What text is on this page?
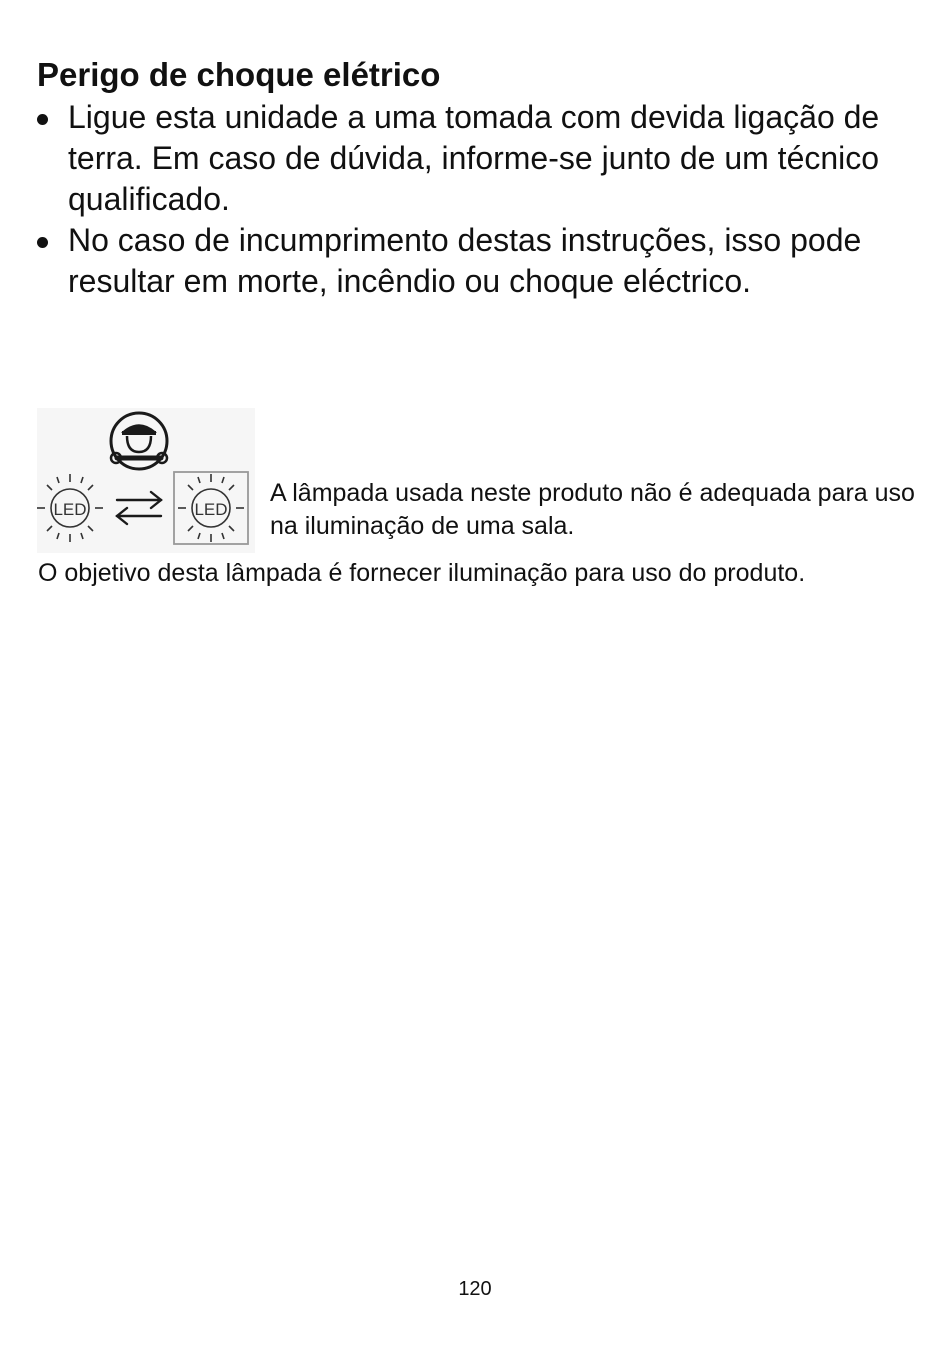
Perigo de choque elétrico
Ligue esta unidade a uma tomada com devida ligação de terra. Em caso de dúvida, informe-se junto de um técnico qualificado.
No caso de incumprimento destas instruções, isso pode resultar em morte, incêndio ou choque eléctrico.
LED	LED

A lâmpada usada neste produto não é adequada para uso na iluminação de uma sala.

O objetivo desta lâmpada é fornecer iluminação para uso do produto.

120
